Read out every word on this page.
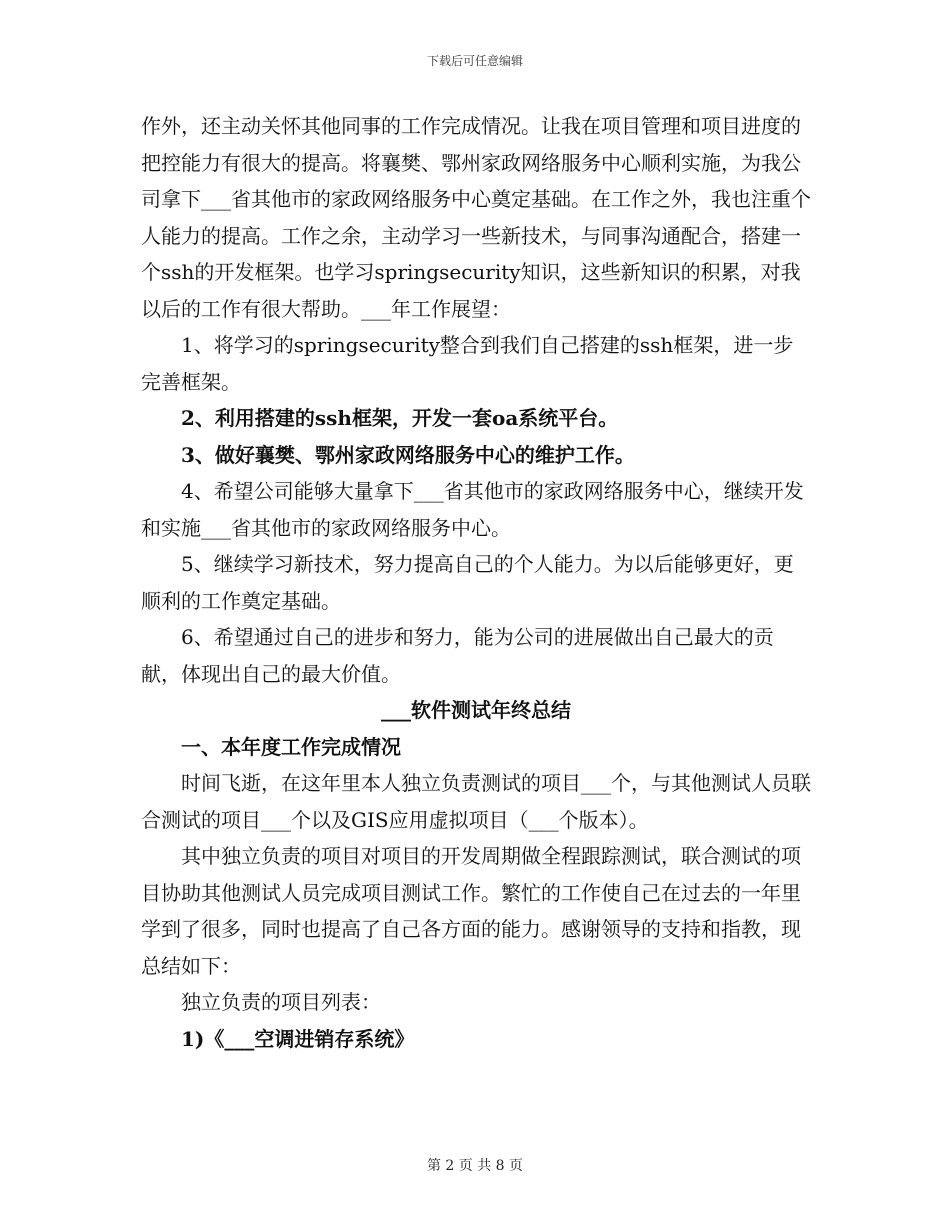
下载后可任意编辑

作外，还主动关怀其他同事的工作完成情况。让我在项目管理和项目进度的把控能力有很大的提高。将襄樊、鄂州家政网络服务中心顺利实施，为我公司拿下___省其他市的家政网络服务中心奠定基础。在工作之外，我也注重个人能力的提高。工作之余，主动学习一些新技术，与同事沟通配合，搭建一个ssh的开发框架。也学习springsecurity知识，这些新知识的积累，对我以后的工作有很大帮助。___年工作展望：

1、将学习的springsecurity整合到我们自己搭建的ssh框架，进一步完善框架。

2、利用搭建的ssh框架，开发一套oa系统平台。

3、做好襄樊、鄂州家政网络服务中心的维护工作。

4、希望公司能够大量拿下___省其他市的家政网络服务中心，继续开发和实施___省其他市的家政网络服务中心。

5、继续学习新技术，努力提高自己的个人能力。为以后能够更好，更顺利的工作奠定基础。

6、希望通过自己的进步和努力，能为公司的进展做出自己最大的贡献，体现出自己的最大价值。

___软件测试年终总结

一、本年度工作完成情况

时间飞逝，在这年里本人独立负责测试的项目___个，与其他测试人员联合测试的项目___个以及GIS应用虚拟项目（___个版本）。

其中独立负责的项目对项目的开发周期做全程跟踪测试，联合测试的项目协助其他测试人员完成项目测试工作。繁忙的工作使自己在过去的一年里学到了很多，同时也提高了自己各方面的能力。感谢领导的支持和指教，现总结如下：

独立负责的项目列表：

1)《___空调进销存系统》

第 2 页 共 8 页
